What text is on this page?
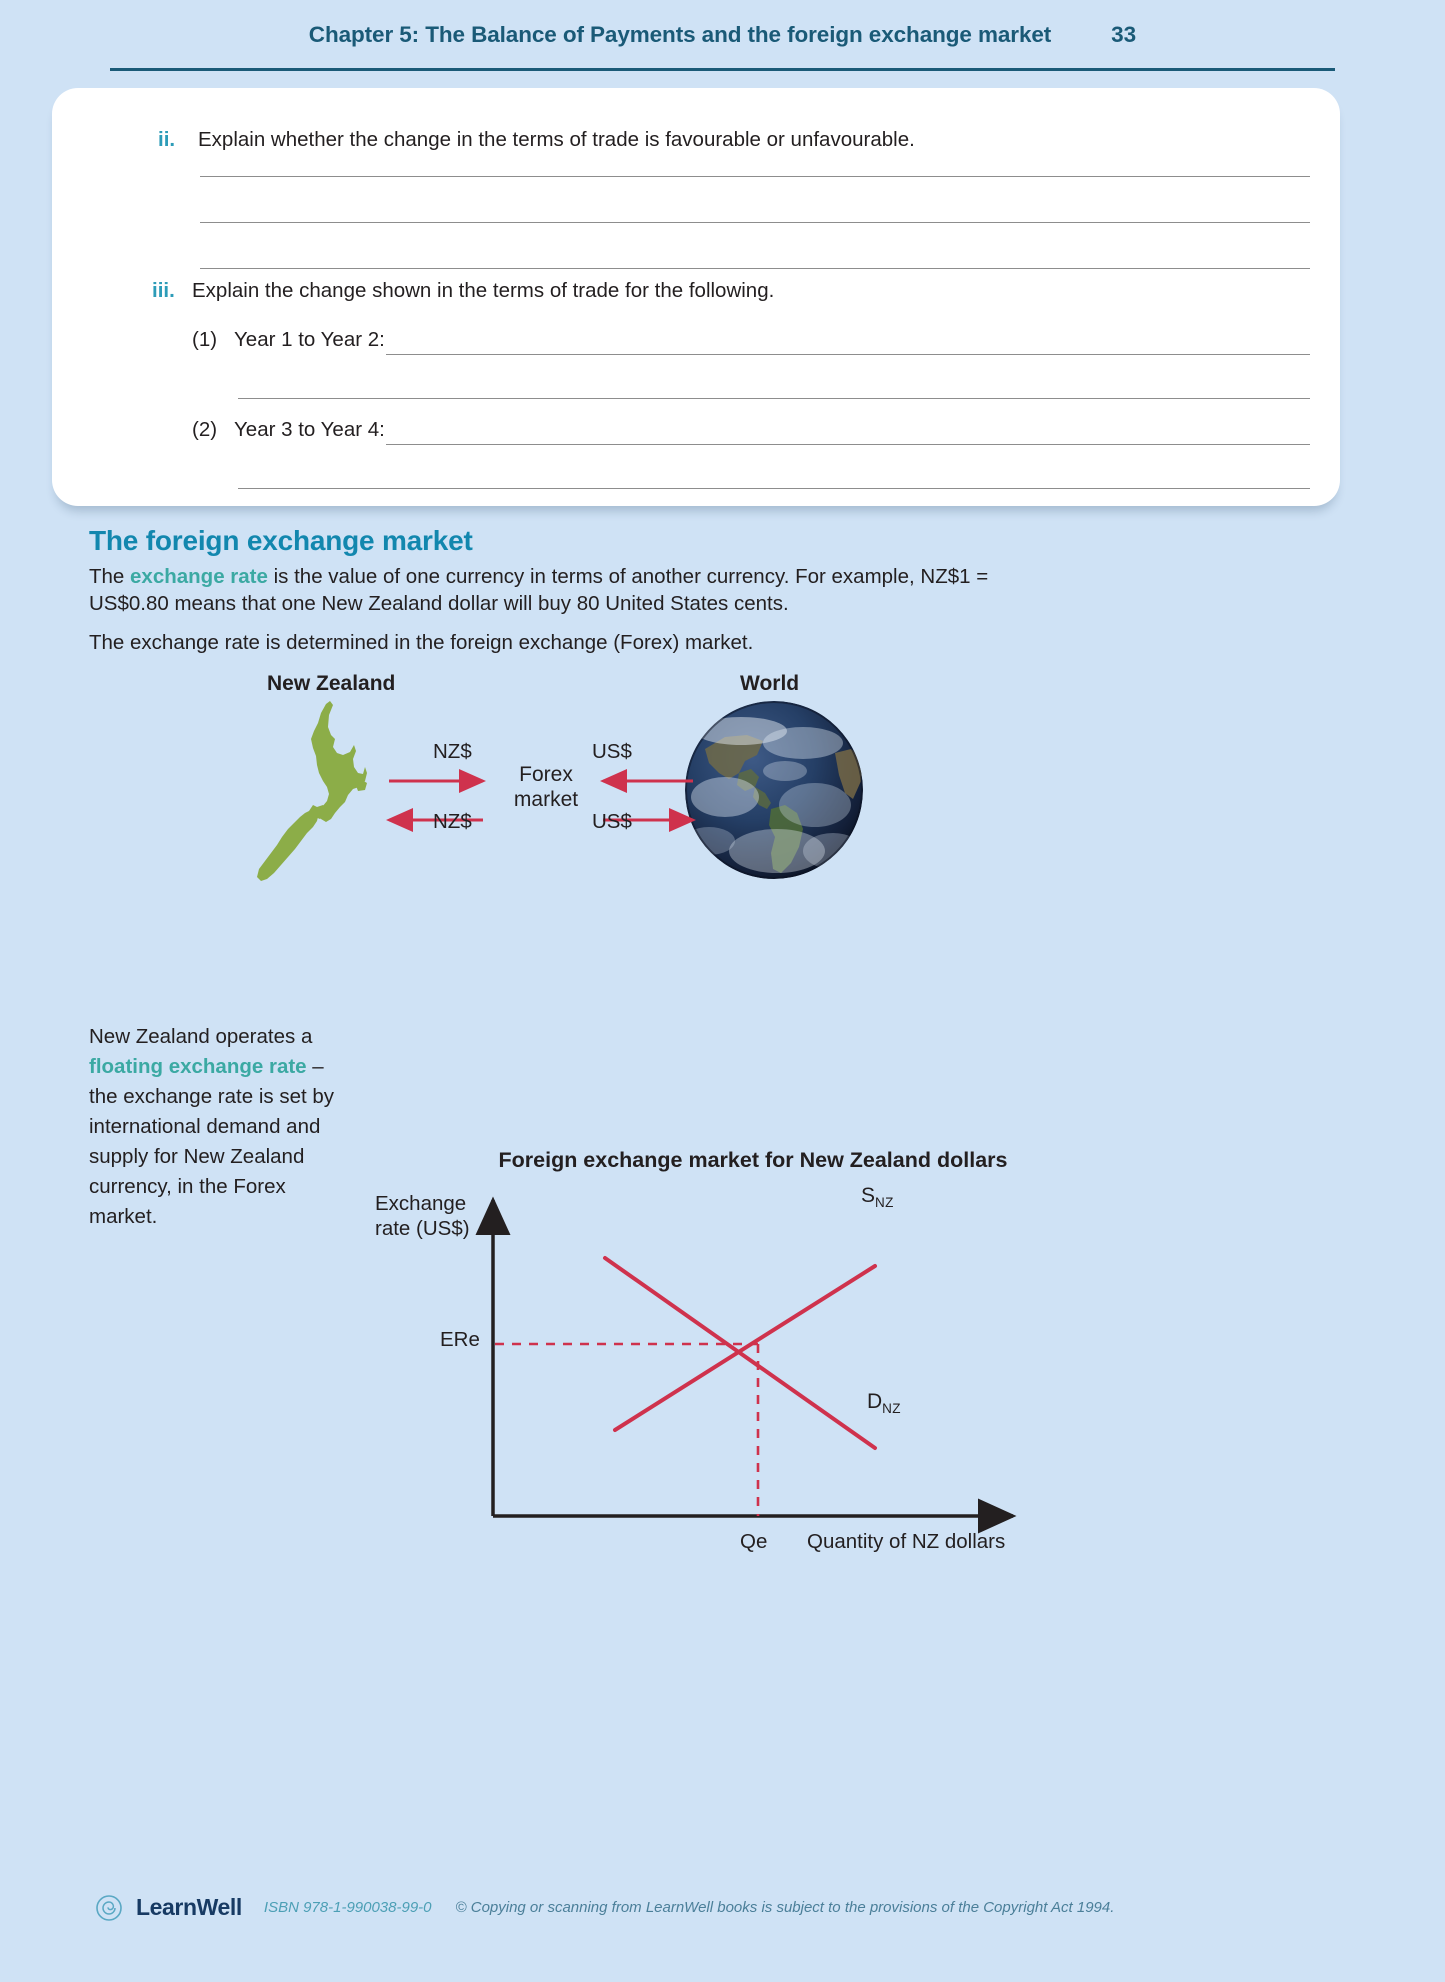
Chapter 5: The Balance of Payments and the foreign exchange market	33
ii.	Explain whether the change in the terms of trade is favourable or unfavourable.
iii. Explain the change shown in the terms of trade for the following.
(1) Year 1 to Year 2:
(2) Year 3 to Year 4:
The foreign exchange market
The exchange rate is the value of one currency in terms of another currency. For example, NZ$1 = US$0.80 means that one New Zealand dollar will buy 80 United States cents.
The exchange rate is determined in the foreign exchange (Forex) market.
New Zealand	World
NZ$
NZ$
US$
US$
Forex
market
New Zealand operates a floating exchange rate – the exchange rate is set by international demand and supply for New Zealand currency, in the Forex market.
Foreign exchange market for New Zealand dollars
Exchange rate (US$)
ERe
Qe Quantity of NZ dollars
$S_{NZ}$
$D_{NZ}$
LearnWell ISBN 978-1-990038-99-0 © Copying or scanning from LearnWell books is subject to the provisions of the Copyright Act 1994.
